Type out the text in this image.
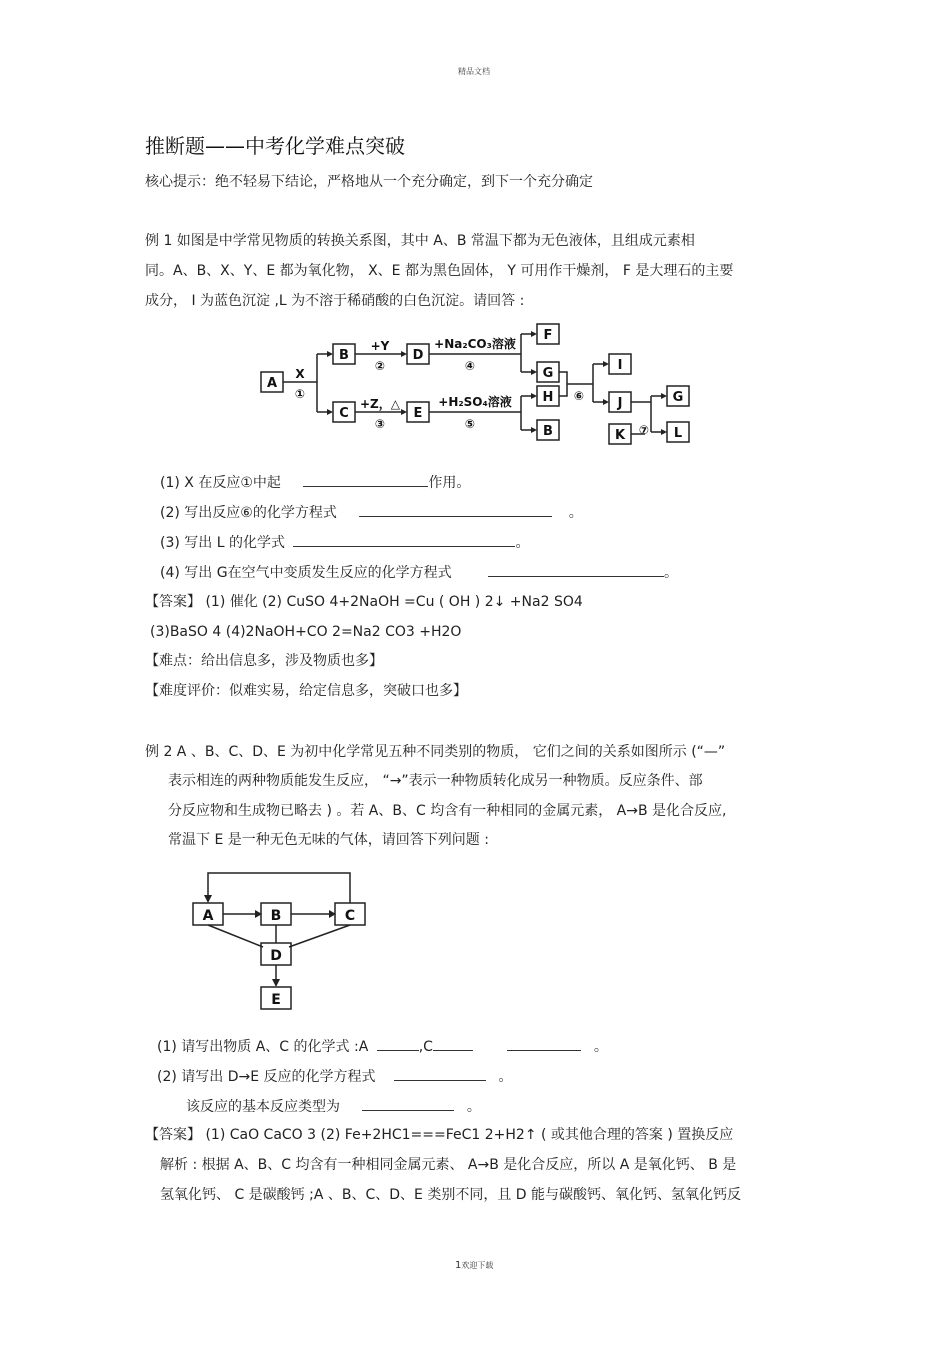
精品文档
推断题——中考化学难点突破
核心提示：绝不轻易下结论，严格地从一个充分确定，到下一个充分确定
例 1 如图是中学常见物质的转换关系图，其中 A、B 常温下都为无色液体，且组成元素相
同。A、B、X、Y、E 都为氧化物， X、E 都为黑色固体， Y 可用作干燥剂， F 是大理石的主要
成分， I 为蓝色沉淀 ,L 为不溶于稀硝酸的白色沉淀。请回答 :
A
B
C
D
E
F
G
H
B
I
J
K
G
L
X
①
+Y
②
+Z，△
③
+Na₂CO₃溶液
④
+H₂SO₄溶液
⑤
⑥
⑦
(1) X 在反应①中起	作用。
(2) 写出反应⑥的化学方程式	。
(3) 写出 L 的化学式	。
(4) 写出 G在空气中变质发生反应的化学方程式	。
【答案】 (1) 催化 (2) CuSO 4+2NaOH =Cu ( OH ) 2↓ +Na2 SO4
(3)BaSO 4 (4)2NaOH+CO 2=Na2 CO3 +H2O
【难点：给出信息多，涉及物质也多】
【难度评价：似难实易，给定信息多，突破口也多】
例 2 A 、B、C、D、E 为初中化学常见五种不同类别的物质， 它们之间的关系如图所示 (“—”
表示相连的两种物质能发生反应， “→”表示一种物质转化成另一种物质。反应条件、部
分反应物和生成物已略去 ) 。若 A、B、C 均含有一种相同的金属元素， A→B 是化合反应,
常温下 E 是一种无色无味的气体，请回答下列问题 :
A	B	C
D
E
(1) 请写出物质 A、C 的化学式 :A	,C	。
(2) 请写出 D→E 反应的化学方程式	。
该反应的基本反应类型为	。
【答案】 (1) CaO CaCO 3 (2) Fe+2HC1===FeC1 2+H2↑ ( 或其他合理的答案 ) 置换反应
解析 : 根据 A、B、C 均含有一种相同金属元素、 A→B 是化合反应，所以 A 是氧化钙、 B 是
氢氧化钙、 C 是碳酸钙 ;A 、B、C、D、E 类别不同，且 D 能与碳酸钙、氧化钙、氢氧化钙反
1欢迎下载
